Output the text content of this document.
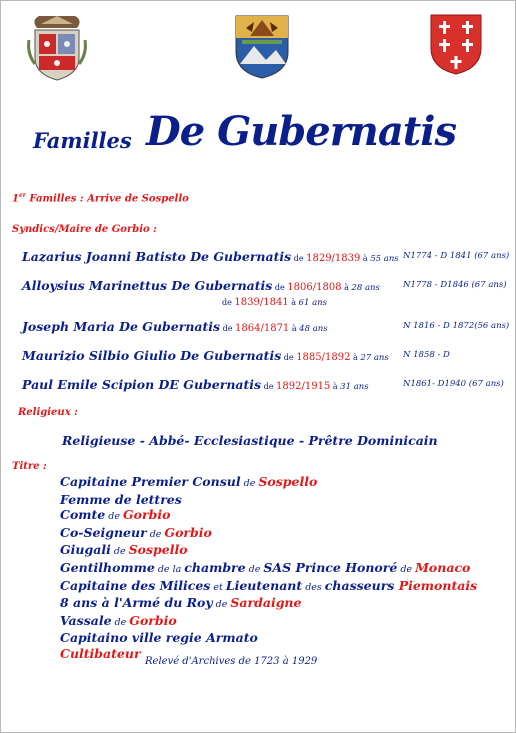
Familles De Gubernatis
1er Familles : Arrive de Sospello
Syndics/Maire de Gorbio :
Lazarius Joanni Batisto De Gubernatis de 1829/1839 à 55 ans N1774 - D 1841 (67 ans)
Alloysius Marinettus De Gubernatis de 1806/1808 à 28 ans
de 1839/1841 à 61 ans
N1778 - D1846 (67 ans)
Joseph Maria De Gubernatis de 1864/1871 à 48 ans	N 1816 - D 1872(56 ans)
Maurizio Silbio Giulio De Gubernatis de 1885/1892 à 27 ans N 1858 - D
Paul Emile Scipion DE Gubernatis de 1892/1915 à 31 ans	N1861- D1940 (67 ans)
Religieux :
Religieuse - Abbé- Ecclesiastique - Prêtre Dominicain
Titre :
Capitaine Premier Consul de Sospello
Femme de lettres
Comte de Gorbio
Co-Seigneur de Gorbio
Giugali de Sospello
Gentilhomme de la chambre de SAS Prince Honoré de Monaco
Capitaine des Milices et Lieutenant des chasseurs Piemontais
8 ans à l'Armé du Roy de Sardaigne
Vassale de Gorbio
Capitaino ville regie Armato
Cultibateur
Relevé d'Archives de 1723 à 1929
